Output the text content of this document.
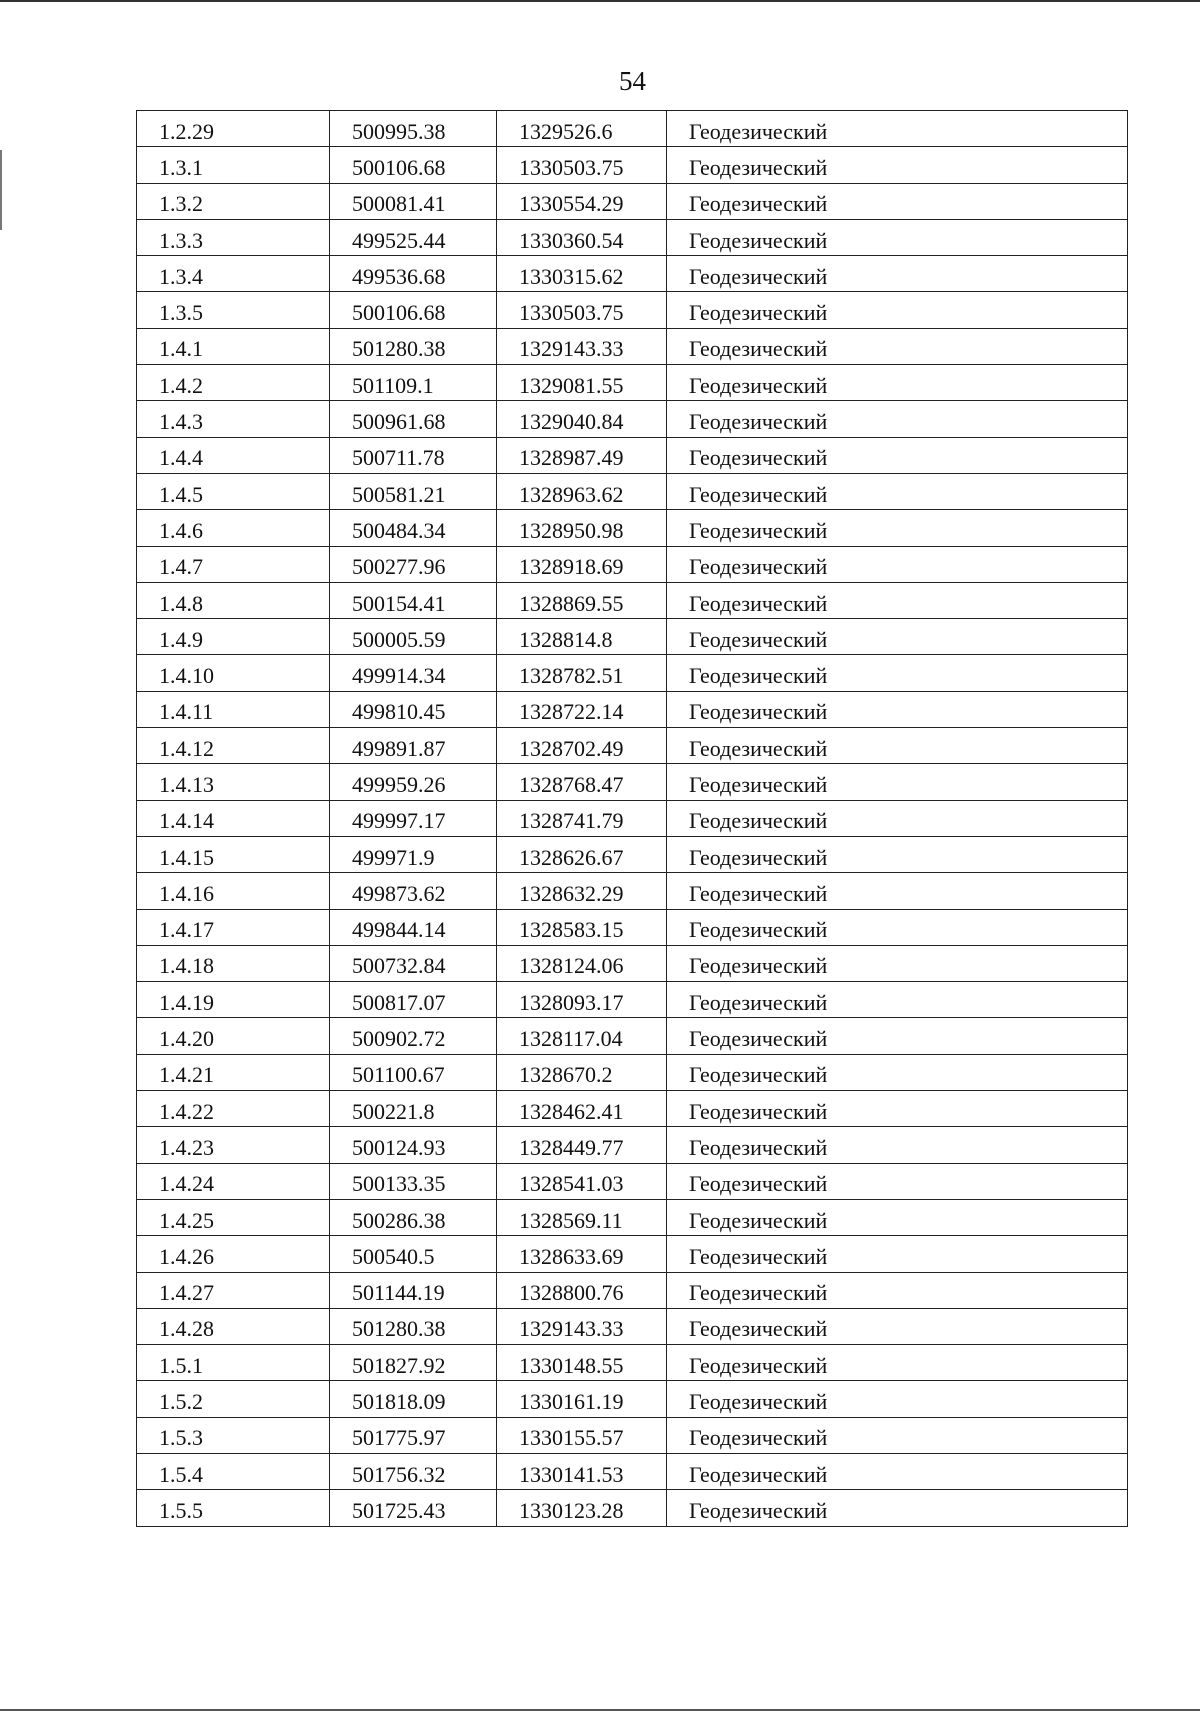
54
1.2.29	500995.38	1329526.6	Геодезический
1.3.1	500106.68	1330503.75	Геодезический
1.3.2	500081.41	1330554.29	Геодезический
1.3.3	499525.44	1330360.54	Геодезический
1.3.4	499536.68	1330315.62	Геодезический
1.3.5	500106.68	1330503.75	Геодезический
1.4.1	501280.38	1329143.33	Геодезический
1.4.2	501109.1	1329081.55	Геодезический
1.4.3	500961.68	1329040.84	Геодезический
1.4.4	500711.78	1328987.49	Геодезический
1.4.5	500581.21	1328963.62	Геодезический
1.4.6	500484.34	1328950.98	Геодезический
1.4.7	500277.96	1328918.69	Геодезический
1.4.8	500154.41	1328869.55	Геодезический
1.4.9	500005.59	1328814.8	Геодезический
1.4.10	499914.34	1328782.51	Геодезический
1.4.11	499810.45	1328722.14	Геодезический
1.4.12	499891.87	1328702.49	Геодезический
1.4.13	499959.26	1328768.47	Геодезический
1.4.14	499997.17	1328741.79	Геодезический
1.4.15	499971.9	1328626.67	Геодезический
1.4.16	499873.62	1328632.29	Геодезический
1.4.17	499844.14	1328583.15	Геодезический
1.4.18	500732.84	1328124.06	Геодезический
1.4.19	500817.07	1328093.17	Геодезический
1.4.20	500902.72	1328117.04	Геодезический
1.4.21	501100.67	1328670.2	Геодезический
1.4.22	500221.8	1328462.41	Геодезический
1.4.23	500124.93	1328449.77	Геодезический
1.4.24	500133.35	1328541.03	Геодезический
1.4.25	500286.38	1328569.11	Геодезический
1.4.26	500540.5	1328633.69	Геодезический
1.4.27	501144.19	1328800.76	Геодезический
1.4.28	501280.38	1329143.33	Геодезический
1.5.1	501827.92	1330148.55	Геодезический
1.5.2	501818.09	1330161.19	Геодезический
1.5.3	501775.97	1330155.57	Геодезический
1.5.4	501756.32	1330141.53	Геодезический
1.5.5	501725.43	1330123.28	Геодезический
